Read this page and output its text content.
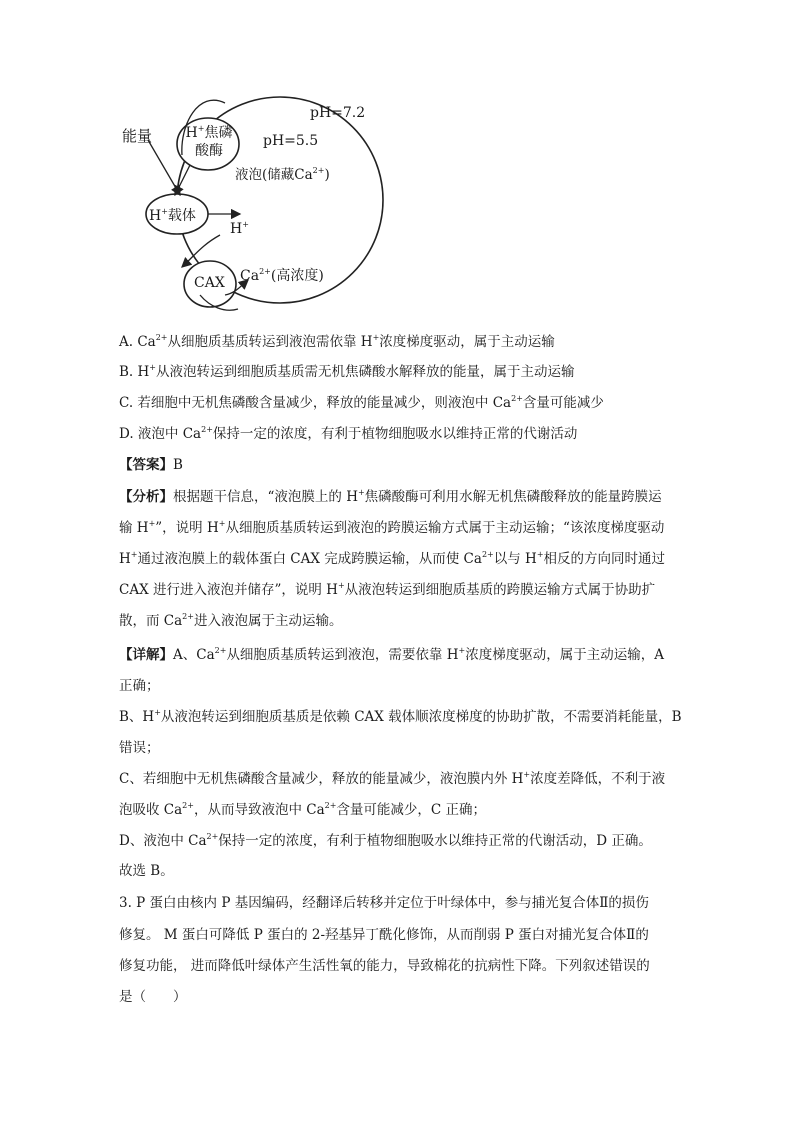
能量 H+焦磷
酸酶
pH=7.2
pH=5.5
液泡(储藏$Ca^{2+}$)
H+载体
H+
CAX $Ca^{2+}$(高浓度)
A. $Ca^{2+}$从细胞质基质转运到液泡需依靠 H+浓度梯度驱动，属于主动运输
B. H+从液泡转运到细胞质基质需无机焦磷酸水解释放的能量，属于主动运输
C. 若细胞中无机焦磷酸含量减少，释放的能量减少，则液泡中 $Ca^{2+}$含量可能减少
D. 液泡中 $Ca^{2+}$保持一定的浓度，有利于植物细胞吸水以维持正常的代谢活动
【答案】B
【分析】根据题干信息，“液泡膜上的 H+焦磷酸酶可利用水解无机焦磷酸释放的能量跨膜运
输 H+”，说明 H+从细胞质基质转运到液泡的跨膜运输方式属于主动运输；“该浓度梯度驱动
H+通过液泡膜上的载体蛋白 CAX 完成跨膜运输，从而使 $Ca^{2+}$以与 H+相反的方向同时通过
CAX 进行进入液泡并储存”，说明 H+从液泡转运到细胞质基质的跨膜运输方式属于协助扩
散，而 $Ca^{2+}$进入液泡属于主动运输。
【详解】A、$Ca^{2+}$从细胞质基质转运到液泡，需要依靠 H+浓度梯度驱动，属于主动运输，A
正确；
B、H+从液泡转运到细胞质基质是依赖 CAX 载体顺浓度梯度的协助扩散，不需要消耗能量，B
错误；
C、若细胞中无机焦磷酸含量减少，释放的能量减少，液泡膜内外 H+浓度差降低，不利于液
泡吸收 $Ca^{2+}$，从而导致液泡中 $Ca^{2+}$含量可能减少，C 正确；
D、液泡中 $Ca^{2+}$保持一定的浓度，有利于植物细胞吸水以维持正常的代谢活动，D 正确。
故选 B。
3. P 蛋白由核内 P 基因编码，经翻译后转移并定位于叶绿体中，参与捕光复合体Ⅱ的损伤
修复。 M 蛋白可降低 P 蛋白的 2-羟基异丁酰化修饰，从而削弱 P 蛋白对捕光复合体Ⅱ的
修复功能， 进而降低叶绿体产生活性氧的能力，导致棉花的抗病性下降。下列叙述错误的
是（　　）
